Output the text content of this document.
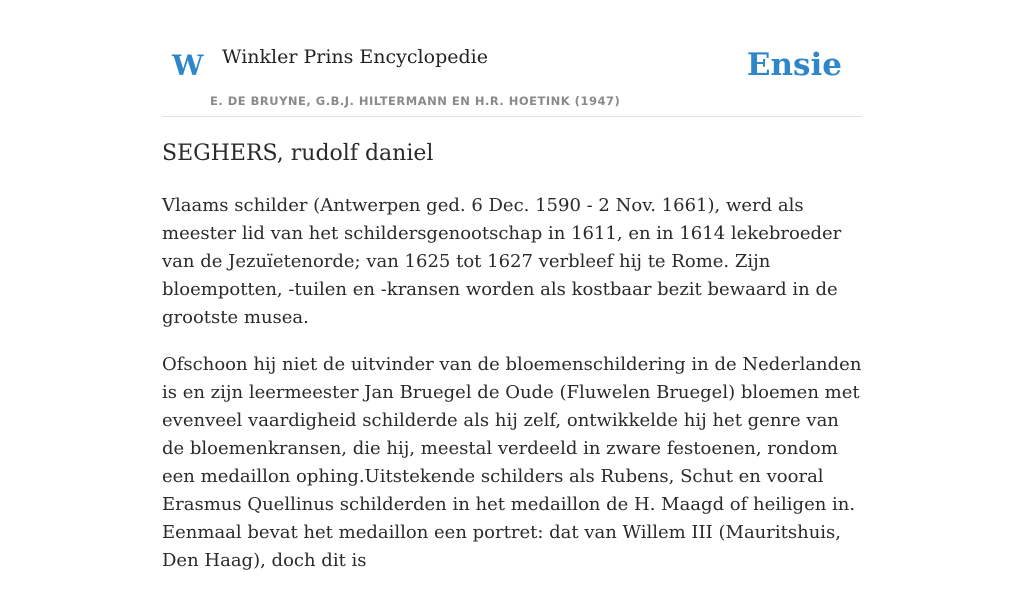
W Winkler Prins Encyclopedie
E. DE BRUYNE, G.B.J. HILTERMANN EN H.R. HOETINK (1947)
Ensie
SEGHERS, rudolf daniel

Vlaams schilder (Antwerpen ged. 6 Dec. 1590 - 2 Nov. 1661), werd als meester lid van het schildersgenootschap in 1611, en in 1614 lekebroeder van de Jezuïetenorde; van 1625 tot 1627 verbleef hij te Rome. Zijn bloempotten, -tuilen en -kransen worden als kostbaar bezit bewaard in de grootste musea.

Ofschoon hij niet de uitvinder van de bloemenschildering in de Nederlanden is en zijn leermeester Jan Bruegel de Oude (Fluwelen Bruegel) bloemen met evenveel vaardigheid schilderde als hij zelf, ontwikkelde hij het genre van de bloemenkransen, die hij, meestal verdeeld in zware festoenen, rondom een medaillon ophing.Uitstekende schilders als Rubens, Schut en vooral Erasmus Quellinus schilderden in het medaillon de H. Maagd of heiligen in. Eenmaal bevat het medaillon een portret: dat van Willem III (Mauritshuis, Den Haag), doch dit is
